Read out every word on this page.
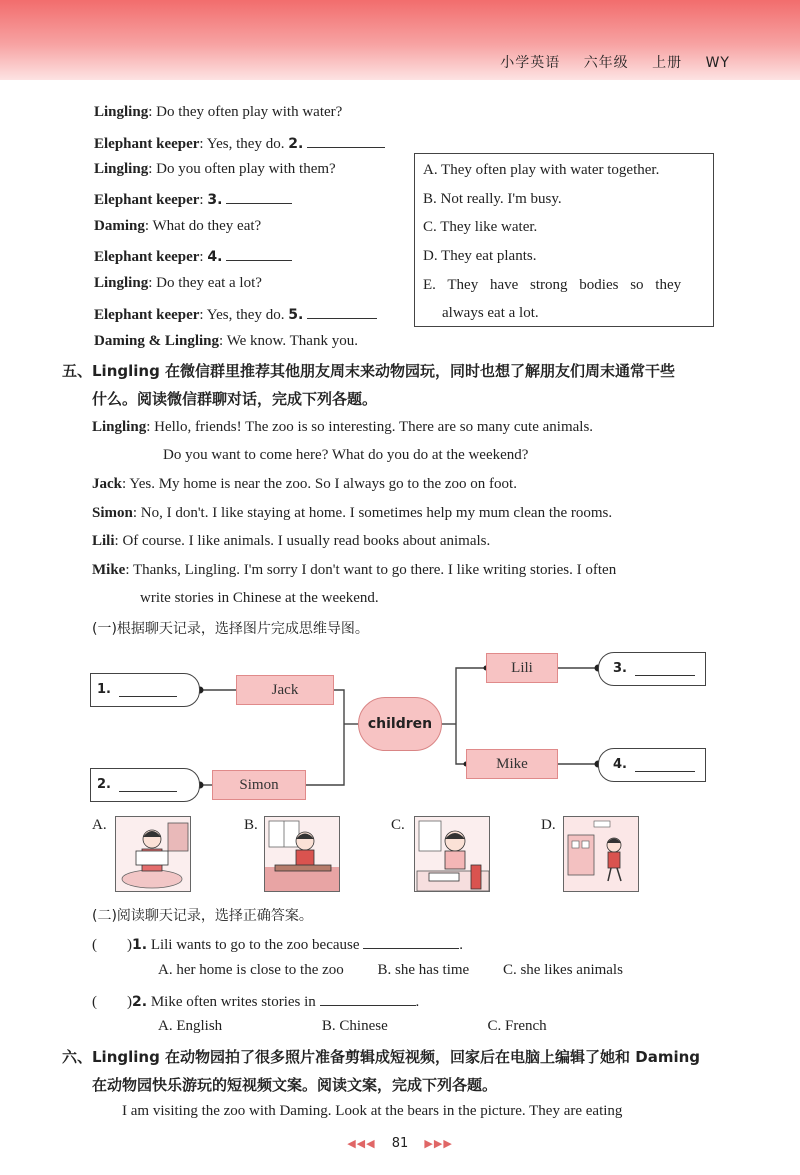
小学英语 六年级 上册 WY
Lingling: Do they often play with water?
Elephant keeper: Yes, they do. 2.
Lingling: Do you often play with them?
Elephant keeper: 3.
Daming: What do they eat?
Elephant keeper: 4.
Lingling: Do they eat a lot?
Elephant keeper: Yes, they do. 5.
Daming & Lingling: We know. Thank you.
A. They often play with water together.
B. Not really. I'm busy.
C. They like water.
D. They eat plants.
E. They have strong bodies so they
always eat a lot.
五、Lingling 在微信群里推荐其他朋友周末来动物园玩，同时也想了解朋友们周末通常干些
什么。阅读微信群聊对话，完成下列各题。
Lingling: Hello, friends! The zoo is so interesting. There are so many cute animals.
Do you want to come here? What do you do at the weekend?
Jack: Yes. My home is near the zoo. So I always go to the zoo on foot.
Simon: No, I don't. I like staying at home. I sometimes help my mum clean the rooms.
Lili: Of course. I like animals. I usually read books about animals.
Mike: Thanks, Lingling. I'm sorry I don't want to go there. I like writing stories. I often
write stories in Chinese at the weekend.
(一)根据聊天记录，选择图片完成思维导图。
1.
2.
3.
4.
Jack
Simon
Lili
Mike
children
A.	B.	C.	D.
(二)阅读聊天记录，选择正确答案。
(　　)1. Lili wants to go to the zoo because	.
A. her home is close to the zoo B. she has time C. she likes animals
(　　)2. Mike often writes stories in	.
A. English	B. Chinese	C. French
六、Lingling 在动物园拍了很多照片准备剪辑成短视频，回家后在电脑上编辑了她和 Daming
在动物园快乐游玩的短视频文案。阅读文案，完成下列各题。
I am visiting the zoo with Daming. Look at the bears in the picture. They are eating
◀◀◀ 81 ▶▶▶
